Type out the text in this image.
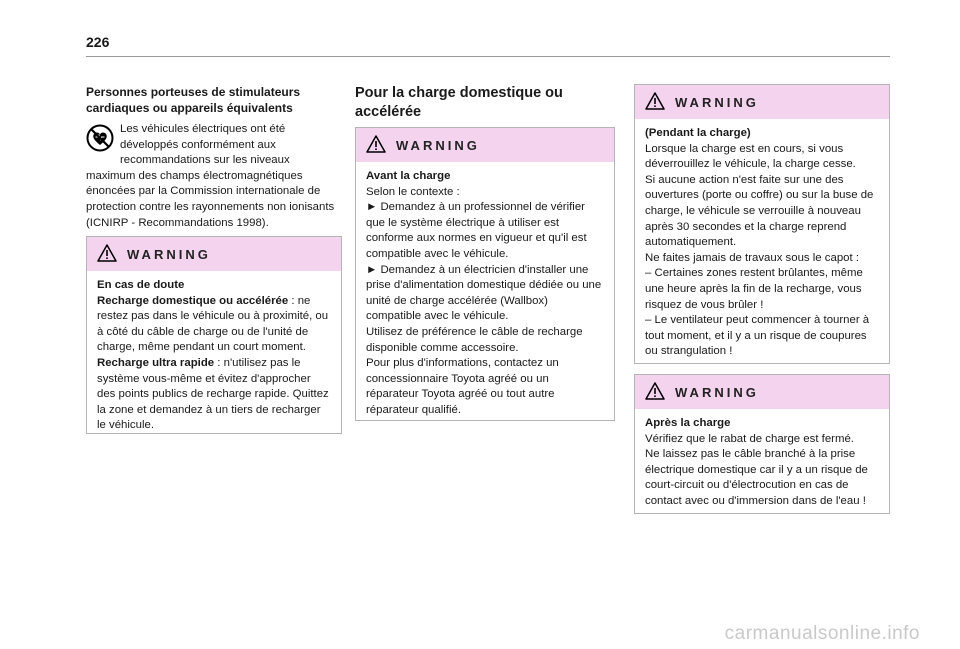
226
Personnes porteuses de stimulateurs cardiaques ou appareils équivalents
Les véhicules électriques ont été développés conformément aux recommandations sur les niveaux maximum des champs électromagnétiques énoncées par la Commission internationale de protection contre les rayonnements non ionisants (ICNIRP - Recommandations 1998).
WARNING

En cas de doute

Recharge domestique ou accélérée : ne restez pas dans le véhicule ou à proximité, ou à côté du câble de charge ou de l'unité de charge, même pendant un court moment.

Recharge ultra rapide : n'utilisez pas le système vous-même et évitez d'approcher des points publics de recharge rapide. Quittez la zone et demandez à un tiers de recharger le véhicule.

Pour la charge domestique ou accélérée
WARNING

Avant la charge

Selon le contexte :

► Demandez à un professionnel de vérifier que le système électrique à utiliser est conforme aux normes en vigueur et qu'il est compatible avec le véhicule.

► Demandez à un électricien d'installer une prise d'alimentation domestique dédiée ou une unité de charge accélérée (Wallbox) compatible avec le véhicule.

Utilisez de préférence le câble de recharge disponible comme accessoire.

Pour plus d'informations, contactez un concessionnaire Toyota agréé ou un réparateur Toyota agréé ou tout autre réparateur qualifié.

WARNING

(Pendant la charge)

Lorsque la charge est en cours, si vous déverrouillez le véhicule, la charge cesse.

Si aucune action n'est faite sur une des ouvertures (porte ou coffre) ou sur la buse de charge, le véhicule se verrouille à nouveau après 30 secondes et la charge reprend automatiquement.

Ne faites jamais de travaux sous le capot :

– Certaines zones restent brûlantes, même une heure après la fin de la recharge, vous risquez de vous brûler !

– Le ventilateur peut commencer à tourner à tout moment, et il y a un risque de coupures ou strangulation !

WARNING

Après la charge

Vérifiez que le rabat de charge est fermé.

Ne laissez pas le câble branché à la prise électrique domestique car il y a un risque de court-circuit ou d'électrocution en cas de contact avec ou d'immersion dans de l'eau !

carmanualsonline.info
